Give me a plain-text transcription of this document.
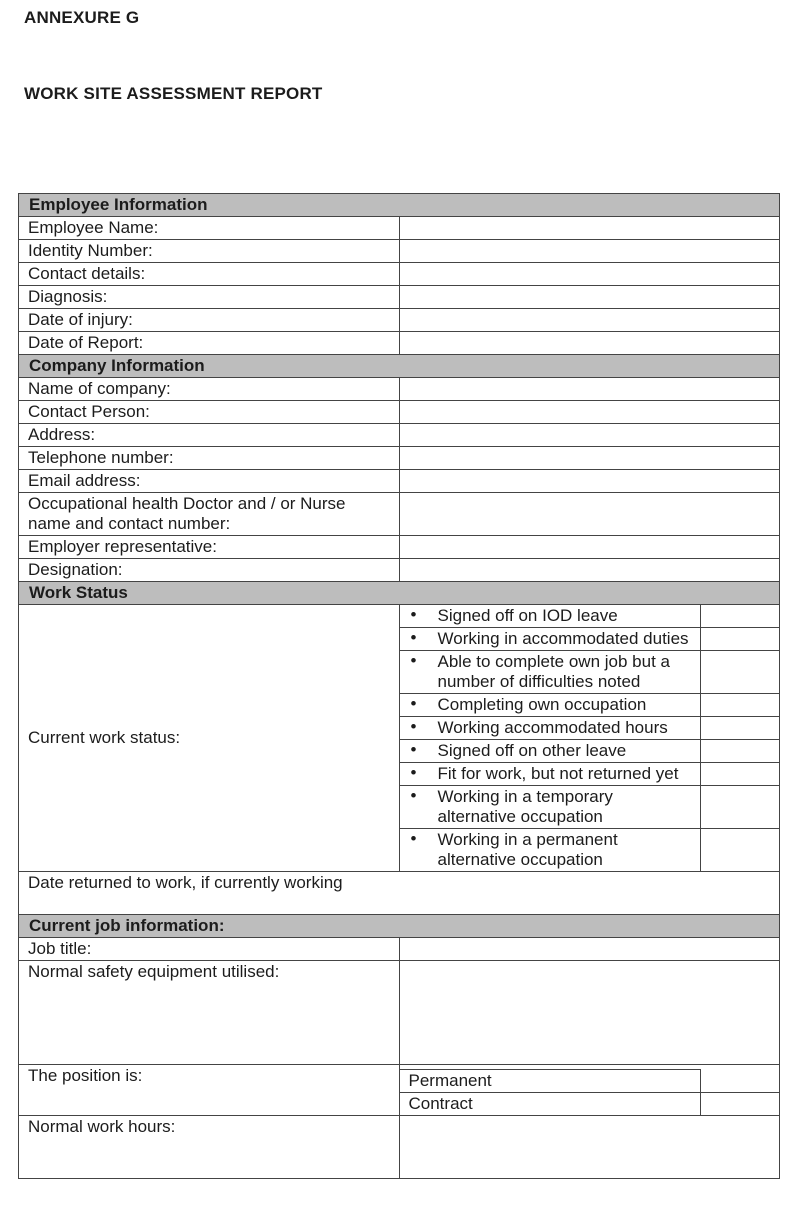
ANNEXURE G
WORK SITE ASSESSMENT REPORT
Employee Information
Employee Name:	
Identity Number:	
Contact details:	
Diagnosis:	
Date of injury:	
Date of Report:	
Company Information
Name of company:	
Contact Person:	
Address:	
Telephone number:	
Email address:	
Occupational health Doctor and / or Nurse name and contact number:	
Employer representative:	
Designation:	
Work Status
Current work status:	
• Signed off on IOD leave	

• Working in accommodated duties	

• Able to complete own job but a number of difficulties noted	

• Completing own occupation	

• Working accommodated hours	

• Signed off on other leave	

• Fit for work, but not returned yet	

• Working in a temporary alternative occupation	

• Working in a permanent alternative occupation	

Date returned to work, if currently working
Current job information:
Job title:	
Normal safety equipment utilised:	
The position is:		Permanent	
Contract	

Normal work hours:	
